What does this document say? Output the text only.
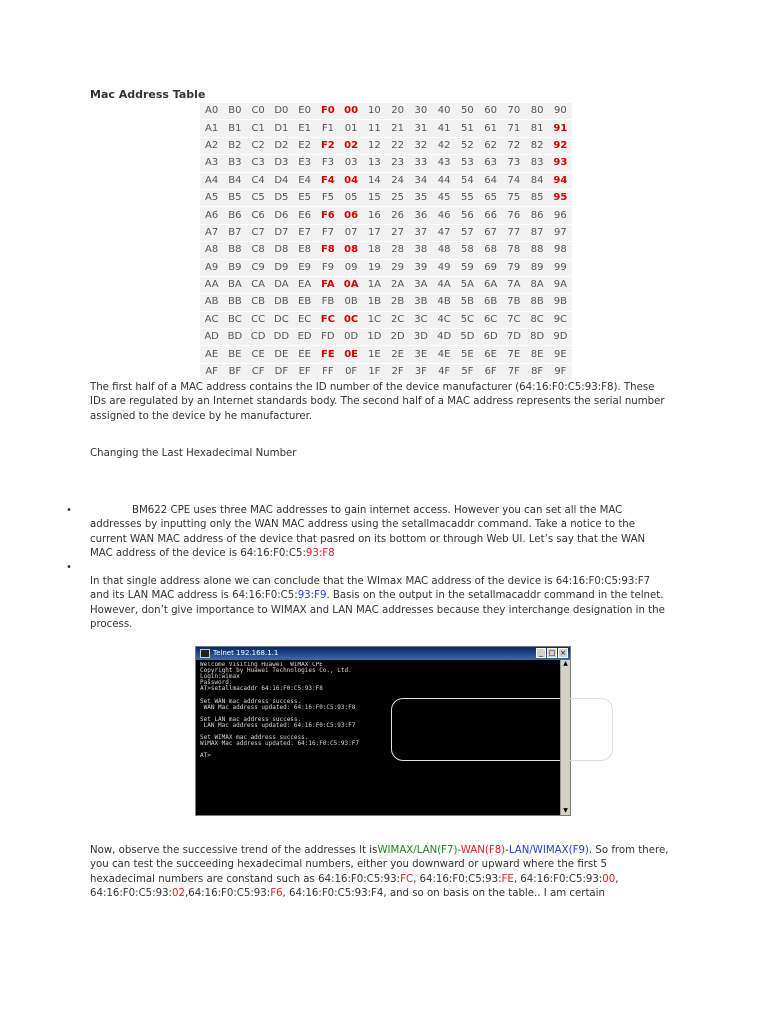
Mac Address Table
A0	B0	C0	D0	E0	F0	00	10	20	30	40	50	60	70	80	90
A1	B1	C1	D1	E1	F1	01	11	21	31	41	51	61	71	81	91
A2	B2	C2	D2	E2	F2	02	12	22	32	42	52	62	72	82	92
A3	B3	C3	D3	E3	F3	03	13	23	33	43	53	63	73	83	93
A4	B4	C4	D4	E4	F4	04	14	24	34	44	54	64	74	84	94
A5	B5	C5	D5	E5	F5	05	15	25	35	45	55	65	75	85	95
A6	B6	C6	D6	E6	F6	06	16	26	36	46	56	66	76	86	96
A7	B7	C7	D7	E7	F7	07	17	27	37	47	57	67	77	87	97
A8	B8	C8	D8	E8	F8	08	18	28	38	48	58	68	78	88	98
A9	B9	C9	D9	E9	F9	09	19	29	39	49	59	69	79	89	99
AA	BA	CA	DA	EA	FA	0A	1A	2A	3A	4A	5A	6A	7A	8A	9A
AB	BB	CB	DB	EB	FB	0B	1B	2B	3B	4B	5B	6B	7B	8B	9B
AC	BC	CC	DC	EC	FC	0C	1C	2C	3C	4C	5C	6C	7C	8C	9C
AD	BD	CD	DD	ED	FD	0D	1D	2D	3D	4D	5D	6D	7D	8D	9D
AE	BE	CE	DE	EE	FE	0E	1E	2E	3E	4E	5E	6E	7E	8E	9E
AF	BF	CF	DF	EF	FF	0F	1F	2F	3F	4F	5F	6F	7F	8F	9F

The first half of a MAC address contains the ID number of the device manufacturer (64:16:F0:C5:93:F8). These IDs are regulated by an Internet standards body. The second half of a MAC address represents the serial number assigned to the device by he manufacturer.

Changing the Last Hexadecimal Number

•	BM622 CPE uses three MAC addresses to gain internet access. However you can set all the MAC addresses by inputting only the WAN MAC address using the setallmacaddr command. Take a notice to the current WAN MAC address of the device that pasred on its bottom or through Web UI. Let’s say that the WAN MAC address of the device is 64:16:F0:C5:93:F8

•

In that single address alone we can conclude that the WImax MAC address of the device is 64:16:F0:C5:93:F7 and its LAN MAC address is 64:16:F0:C5:93:F9. Basis on the output in the setallmacaddr command in the telnet. However, don’t give importance to WIMAX and LAN MAC addresses because they interchange designation in the process.

Telnet 192.168.1.1	_ □ ×
Welcome Visiting Huawei  WiMAX CPE
Copyright by Huawei Technologies Co., Ltd.
Login:wimax
Password:
AT>setallmacaddr 64:16:F0:C5:93:F8
Set WAN mac address success.
WAN Mac address updated: 64:16:F0:C5:93:F8
Set LAN mac address success.
LAN Mac address updated: 64:16:F0:C5:93:F7
Set WIMAX mac address success.
WiMAX Mac address updated: 64:16:F0:C5:93:F7
AT>
▲
▼

Now, observe the successive trend of the addresses It isWIMAX/LAN(F7)-WAN(F8)-LAN/WIMAX(F9). So from there, you can test the succeeding hexadecimal numbers, either you downward or upward where the first 5 hexadecimal numbers are constand such as 64:16:F0:C5:93:FC, 64:16:F0:C5:93:FE, 64:16:F0:C5:93:00, 64:16:F0:C5:93:02,64:16:F0:C5:93:F6, 64:16:F0:C5:93:F4, and so on basis on the table.. I am certain
